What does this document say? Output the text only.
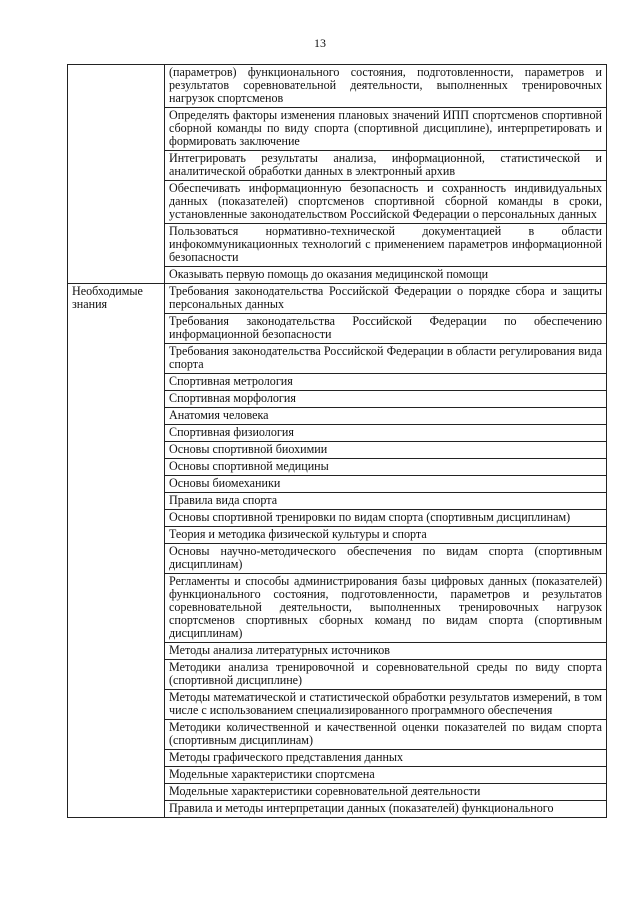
13
	(параметров) функционального состояния, подготовленности, параметров и результатов соревновательной деятельности, выполненных тренировочных нагрузок спортсменов
	Определять факторы изменения плановых значений ИПП спортсменов спортивной сборной команды по виду спорта (спортивной дисциплине), интерпретировать и формировать заключение
	Интегрировать результаты анализа, информационной, статистической и аналитической обработки данных в электронный архив
	Обеспечивать информационную безопасность и сохранность индивидуальных данных (показателей) спортсменов спортивной сборной команды в сроки, установленные законодательством Российской Федерации о персональных данных
	Пользоваться нормативно-технической документацией в области инфокоммуникационных технологий с применением параметров информационной безопасности
	Оказывать первую помощь до оказания медицинской помощи
Необходимые знания	Требования законодательства Российской Федерации о порядке сбора и защиты персональных данных
	Требования законодательства Российской Федерации по обеспечению информационной безопасности
	Требования законодательства Российской Федерации в области регулирования вида спорта
	Спортивная метрология
	Спортивная морфология
	Анатомия человека
	Спортивная физиология
	Основы спортивной биохимии
	Основы спортивной медицины
	Основы биомеханики
	Правила вида спорта
	Основы спортивной тренировки по видам спорта (спортивным дисциплинам)
	Теория и методика физической культуры и спорта
	Основы научно-методического обеспечения по видам спорта (спортивным дисциплинам)
	Регламенты и способы администрирования базы цифровых данных (показателей) функционального состояния, подготовленности, параметров и результатов соревновательной деятельности, выполненных тренировочных нагрузок спортсменов спортивных сборных команд по видам спорта (спортивным дисциплинам)
	Методы анализа литературных источников
	Методики анализа тренировочной и соревновательной среды по виду спорта (спортивной дисциплине)
	Методы математической и статистической обработки результатов измерений, в том числе с использованием специализированного программного обеспечения
	Методики количественной и качественной оценки показателей по видам спорта (спортивным дисциплинам)
	Методы графического представления данных
	Модельные характеристики спортсмена
	Модельные характеристики соревновательной деятельности
	Правила и методы интерпретации данных (показателей) функционального
